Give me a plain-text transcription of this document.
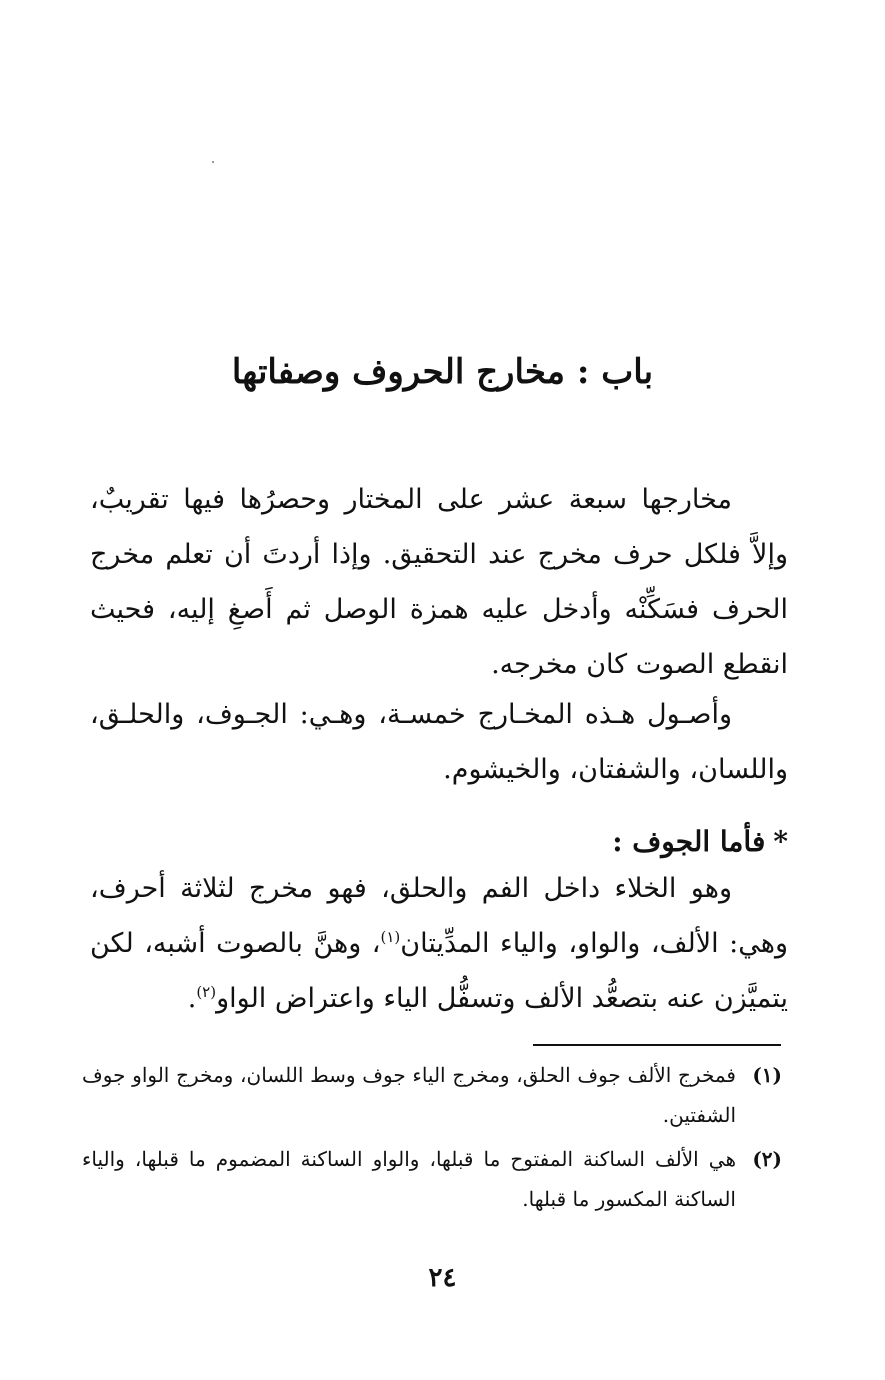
باب : مخارج الحروف وصفاتها

مخارجها سبعة عشر على المختار وحصرُها فيها تقريبٌ، وإلاَّ فلكل حرف مخرج عند التحقيق. وإذا أردتَ أن تعلم مخرج الحرف فسَكِّنْه وأدخل عليه همزة الوصل ثم أَصغِ إليه، فحيث انقطع الصوت كان مخرجه.

وأصـول هـذه المخـارج خمسـة، وهـي: الجـوف، والحلـق، واللسان، والشفتان، والخيشوم.

*فأما الجوف :

وهو الخلاء داخل الفم والحلق، فهو مخرج لثلاثة أحرف، وهي: الألف، والواو، والياء المدِّيتان$^{(١)}$، وهنَّ بالصوت أشبه، لكن يتميَّزن عنه بتصعُّد الألف وتسفُّل الياء واعتراض الواو$^{(٢)}$.

(١)
فمخرج الألف جوف الحلق، ومخرج الياء جوف وسط اللسان، ومخرج الواو جوف الشفتين.

(٢)
هي الألف الساكنة المفتوح ما قبلها، والواو الساكنة المضموم ما قبلها، والياء الساكنة المكسور ما قبلها.

٢٤
